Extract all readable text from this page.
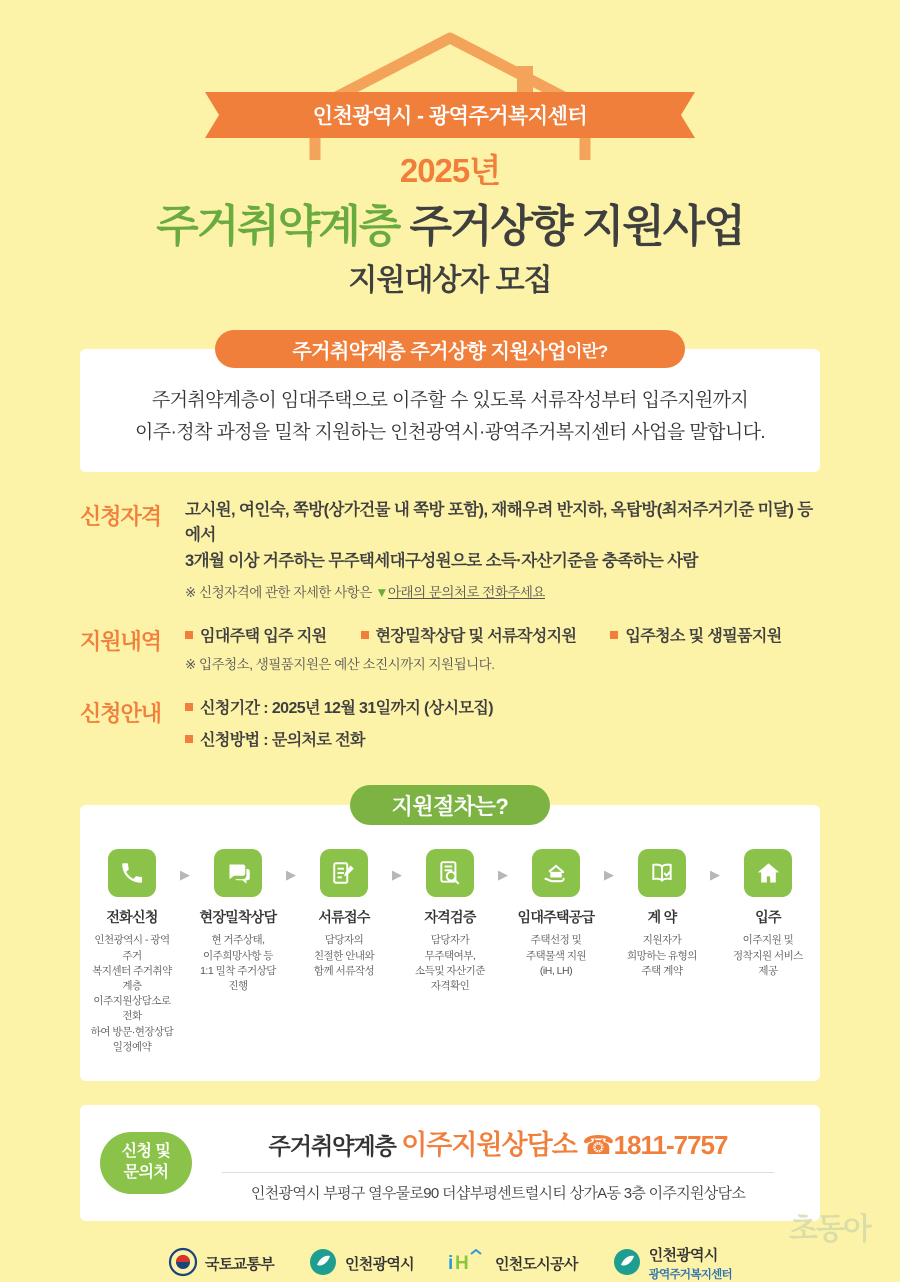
인천광역시 - 광역주거복지센터
2025년
주거취약계층 주거상향 지원사업
지원대상자 모집
주거취약계층 주거상향 지원사업 이란?
주거취약계층이 임대주택으로 이주할 수 있도록 서류작성부터 입주지원까지
이주·정착 과정을 밀착 지원하는 인천광역시·광역주거복지센터 사업을 말합니다.
신청자격	고시원, 여인숙, 쪽방(상가건물 내 쪽방 포함), 재해우려 반지하, 옥탑방(최저주거기준 미달) 등에서
3개월 이상 거주하는 무주택세대구성원으로 소득·자산기준을 충족하는 사람
※ 신청자격에 관한 자세한 사항은 ▼아래의 문의처로 전화주세요
지원내역	임대주택 입주 지원	현장밀착상담 및 서류작성지원	입주청소 및 생필품지원
※ 입주청소, 생필품지원은 예산 소진시까지 지원됩니다.
신청안내	신청기간 : 2025년 12월 31일까지 (상시모집)
신청방법 : 문의처로 전화
지원절차는?
전화신청
인천광역시 - 광역주거
복지센터 주거취약계층
이주지원상담소로 전화
하여 방문·현장상담
일정예약
▶
현장밀착상담
현 거주상태,
이주희망사항 등
1:1 밀착 주거상담
진행
▶
서류접수
담당자의
친절한 안내와
함께 서류작성
▶
자격검증
담당자가
무주택여부,
소득및 자산기준
자격확인
▶
임대주택공급
주택선정 및
주택물색 지원
(iH, LH)
▶
계 약
지원자가
희망하는 유형의
주택 계약
▶
입주
이주지원 및
정착지원 서비스
제공
신청 및
문의처
주거취약계층 이주지원상담소 ☎1811-7757
인천광역시 부평구 열우물로90 더샵부평센트럴시티 상가A동 3층 이주지원상담소
국토교통부	인천광역시 i H 인천도시공사
인천광역시
광역주거복지센터
초동아
